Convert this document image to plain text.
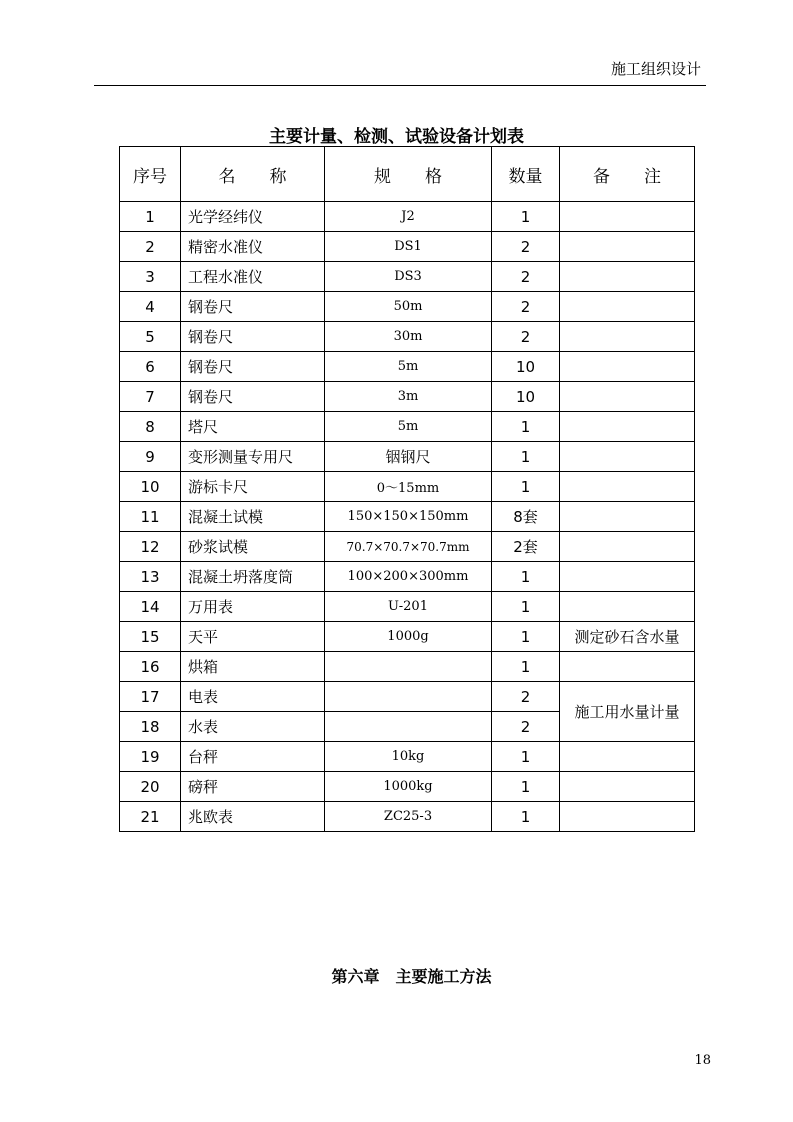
施工组织设计
主要计量、检测、试验设备计划表
序号	名　　称	规　　格	数量	备　　注
1	光学经纬仪	J2	1	
2	精密水准仪	DS1	2	
3	工程水准仪	DS3	2	
4	钢卷尺	50m	2	
5	钢卷尺	30m	2	
6	钢卷尺	5m	10	
7	钢卷尺	3m	10	
8	塔尺	5m	1	
9	变形测量专用尺	铟钢尺	1	
10	游标卡尺	0～15mm	1	
11	混凝土试模	150×150×150mm	8套	
12	砂浆试模	70.7×70.7×70.7mm	2套	
13	混凝土坍落度筒	100×200×300mm	1	
14	万用表	U-201	1	
15	天平	1000g	1	测定砂石含水量
16	烘箱		1	
17	电表		2	施工用水量计量
18	水表		2	
19	台秤	10kg	1	
20	磅秤	1000kg	1	
21	兆欧表	ZC25-3	1	
第六章　主要施工方法
18
